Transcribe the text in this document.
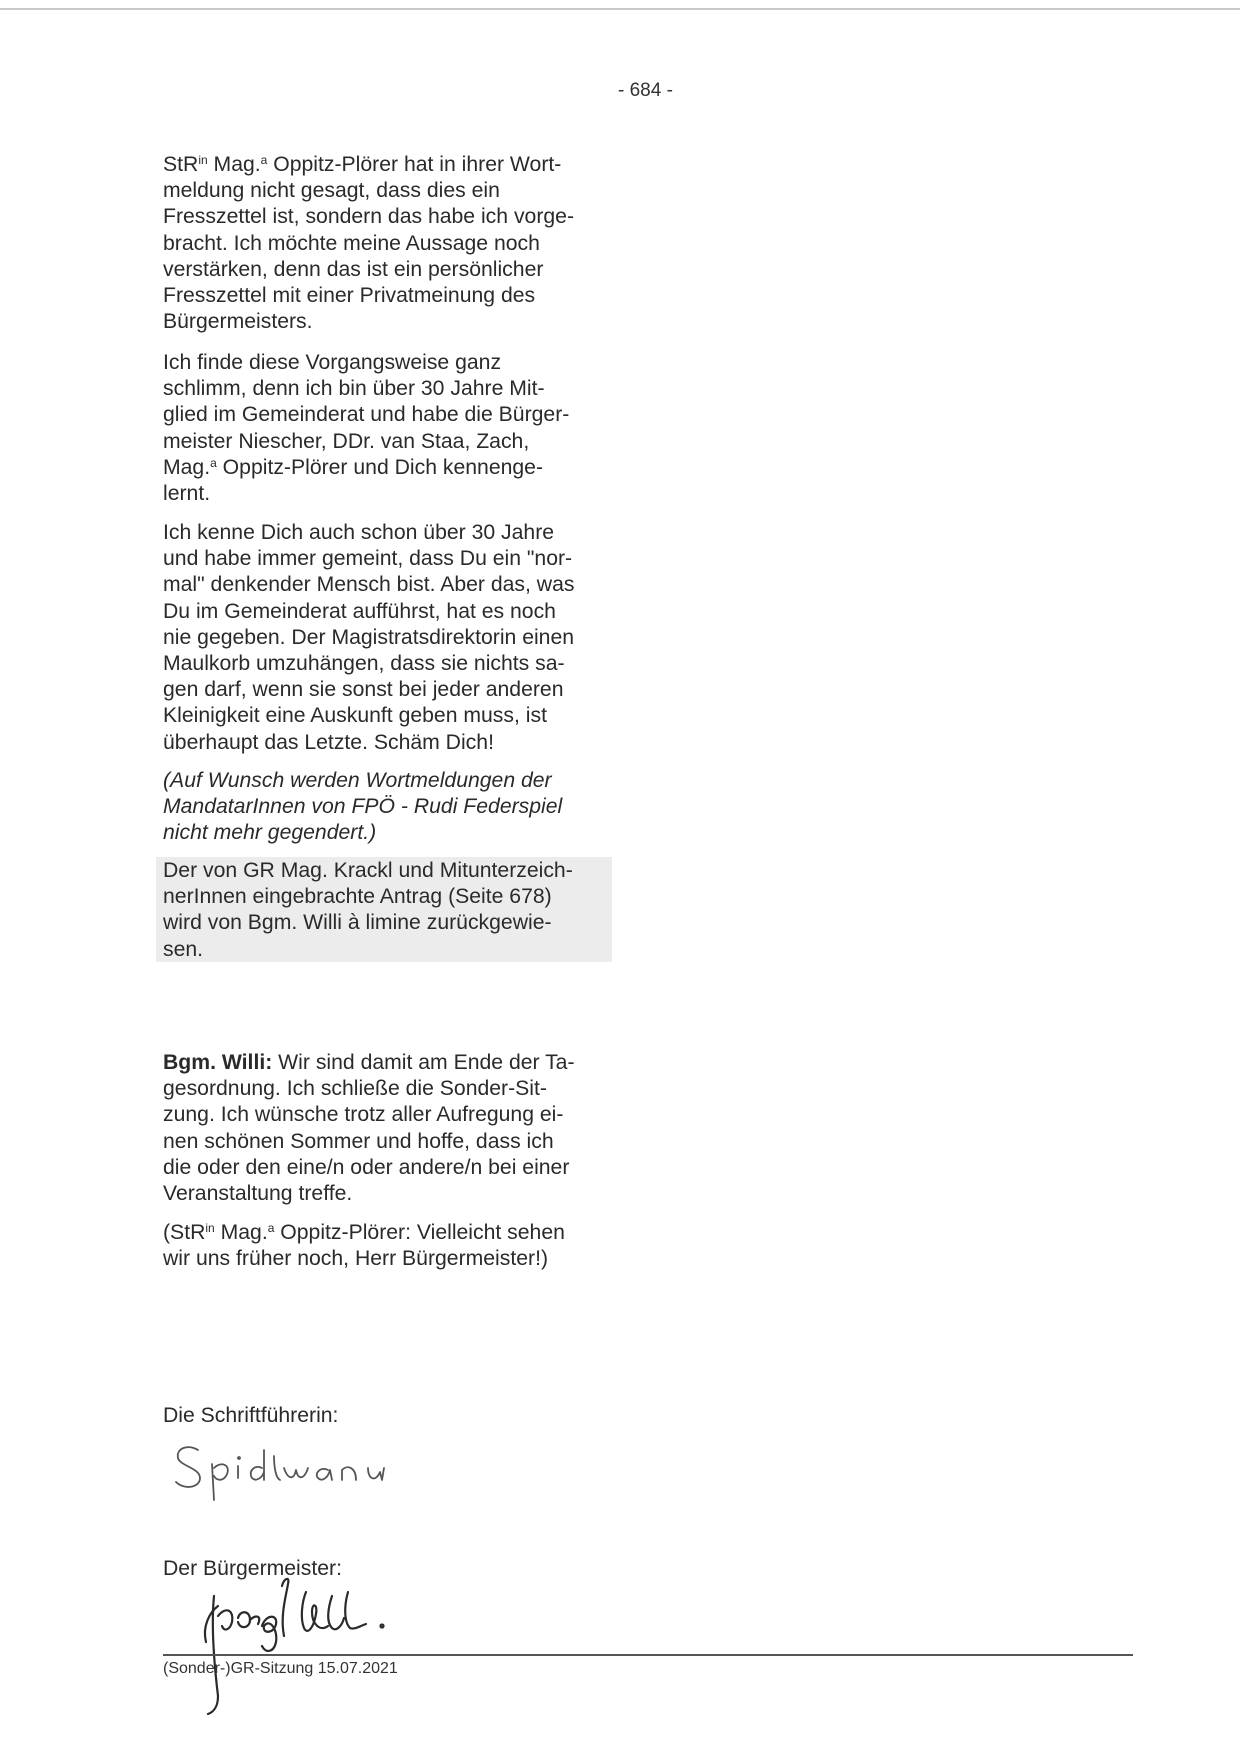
- 684 -

StR$^{in}$ Mag.$^a$ Oppitz-Plörer hat in ihrer Wort-

meldung nicht gesagt, dass dies ein

Fresszettel ist, sondern das habe ich vorge-

bracht. Ich möchte meine Aussage noch

verstärken, denn das ist ein persönlicher

Fresszettel mit einer Privatmeinung des

Bürgermeisters.

Ich finde diese Vorgangsweise ganz

schlimm, denn ich bin über 30 Jahre Mit-

glied im Gemeinderat und habe die Bürger-

meister Niescher, DDr. van Staa, Zach,

Mag.$^a$ Oppitz-Plörer und Dich kennenge-

lernt.

Ich kenne Dich auch schon über 30 Jahre

und habe immer gemeint, dass Du ein "nor-

mal" denkender Mensch bist. Aber das, was

Du im Gemeinderat aufführst, hat es noch

nie gegeben. Der Magistratsdirektorin einen

Maulkorb umzuhängen, dass sie nichts sa-

gen darf, wenn sie sonst bei jeder anderen

Kleinigkeit eine Auskunft geben muss, ist

überhaupt das Letzte. Schäm Dich!

(Auf Wunsch werden Wortmeldungen der

MandatarInnen von FPÖ - Rudi Federspiel

nicht mehr gegendert.)

Der von GR Mag. Krackl und Mitunterzeich-

nerInnen eingebrachte Antrag (Seite 678)

wird von Bgm. Willi à limine zurückgewie-

sen.

Bgm. Willi: Wir sind damit am Ende der Ta-

gesordnung. Ich schließe die Sonder-Sit-

zung. Ich wünsche trotz aller Aufregung ei-

nen schönen Sommer und hoffe, dass ich

die oder den eine/n oder andere/n bei einer

Veranstaltung treffe.

(StR$^{in}$ Mag.$^a$ Oppitz-Plörer: Vielleicht sehen

wir uns früher noch, Herr Bürgermeister!)

Die Schriftführerin:
Der Bürgermeister:
(Sonder-)GR-Sitzung 15.07.2021
